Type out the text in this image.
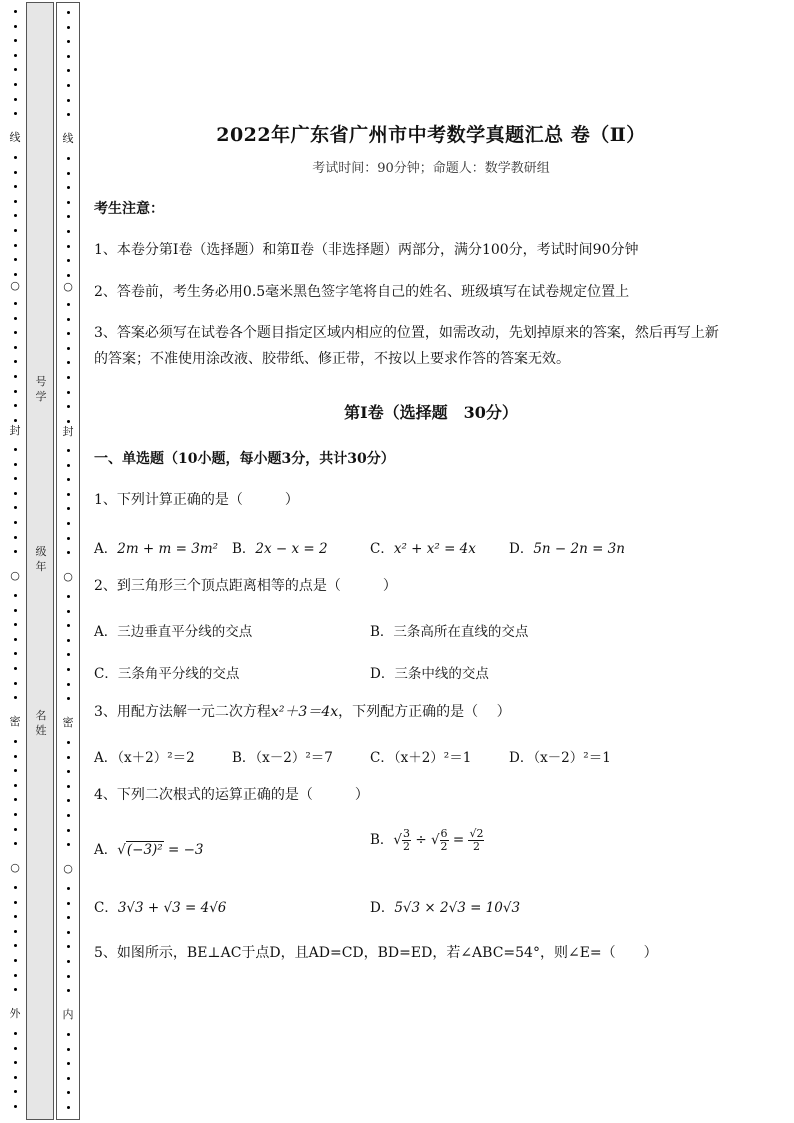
线
○
封
○
密
○
外
号学
级年
名姓
线
○
封
○
密
○
内
2022年广东省广州市中考数学真题汇总 卷（Ⅱ）
考试时间：90分钟；命题人：数学教研组
考生注意：
1、本卷分第I卷（选择题）和第Ⅱ卷（非选择题）两部分，满分100分，考试时间90分钟
2、答卷前，考生务必用0.5毫米黑色签字笔将自己的姓名、班级填写在试卷规定位置上
3、答案必须写在试卷各个题目指定区域内相应的位置，如需改动，先划掉原来的答案，然后再写上新
的答案；不准使用涂改液、胶带纸、修正带，不按以上要求作答的答案无效。
第I卷（选择题　30分）
一、单选题（10小题，每小题3分，共计30分）
1、下列计算正确的是（　　　）
A．2m + m = 3m² B．2x − x = 2	C．x² + x² = 4x D．5n − 2n = 3n
2、到三角形三个顶点距离相等的点是（　　　）
A．三边垂直平分线的交点	B．三条高所在直线的交点
C．三条角平分线的交点	D．三条中线的交点
3、用配方法解一元二次方程x²＋3＝4x，下列配方正确的是（　 ）
A．（x＋2）²＝2	B．（x－2）²＝7	C．（x＋2）²＝1	D．（x－2）²＝1
4、下列二次根式的运算正确的是（　　　）
A．√(−3)² = −3
B．√ $\frac{3}{2}$ ÷ √ $\frac{6}{2} = \frac{√2}{2}$
C．3√3 + √3 = 4√6	D．5√3 × 2√3 = 10√3
5、如图所示，BE⊥AC于点D，且AD=CD，BD=ED，若∠ABC=54°，则∠E=（　　）
